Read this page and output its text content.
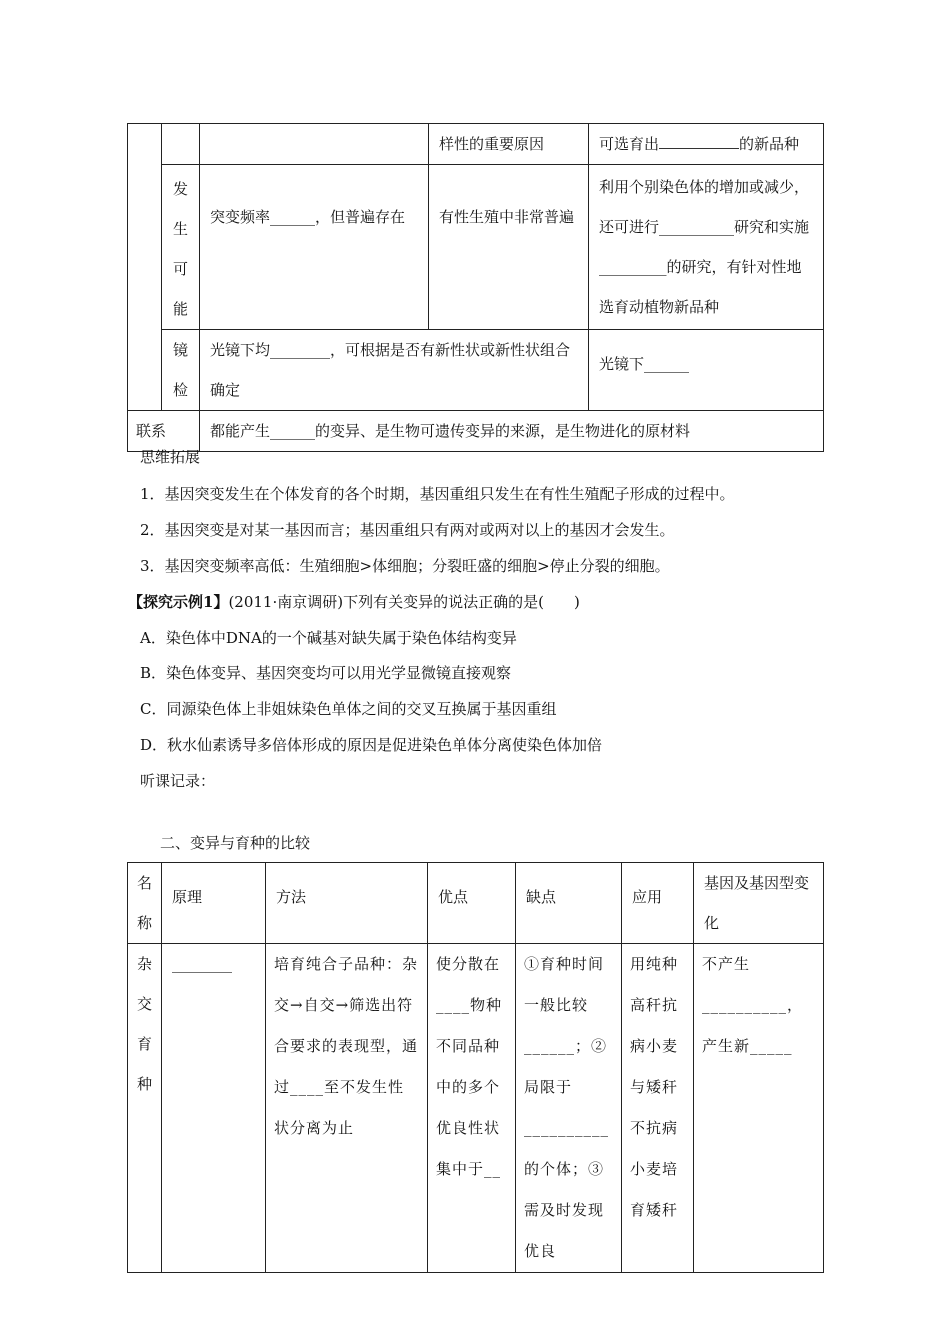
			样性的重要原因	可选育出 的新品种

	发
生
可
能	突变频率______，但普遍存在	有性生殖中非常普遍	利用个别染色体的增加或减少，还可进行__________研究和实施_________的研究，有针对性地选育动植物新品种

	镜
检	光镜下均________，可根据是否有新性状或新性状组合确定		光镜下______
联系		都能产生______的变异、是生物可遗传变异的来源，是生物进化的原材料		
思维拓展
1．基因突变发生在个体发育的各个时期，基因重组只发生在有性生殖配子形成的过程中。
2．基因突变是对某一基因而言；基因重组只有两对或两对以上的基因才会发生。
3．基因突变频率高低：生殖细胞>体细胞；分裂旺盛的细胞>停止分裂的细胞。
【探究示例1】(2011·南京调研)下列有关变异的说法正确的是(　　)
A．染色体中DNA的一个碱基对缺失属于染色体结构变异
B．染色体变异、基因突变均可以用光学显微镜直接观察
C．同源染色体上非姐妹染色单体之间的交叉互换属于基因重组
D．秋水仙素诱导多倍体形成的原因是促进染色单体分离使染色体加倍
听课记录：
二、变异与育种的比较
名
称	原理	方法	优点	缺点	应用	基因及基因型变化

杂
交
育
种	________	培育纯合子品种：杂交→自交→筛选出符合要求的表现型，通过____至不发生性状分离为止	使分散在____物种不同品种中的多个优良性状集中于__	①育种时间一般比较______；②局限于__________的个体；③需及时发现优良	用纯种高秆抗病小麦与矮秆不抗病小麦培育矮秆	不产生__________，产生新_____
